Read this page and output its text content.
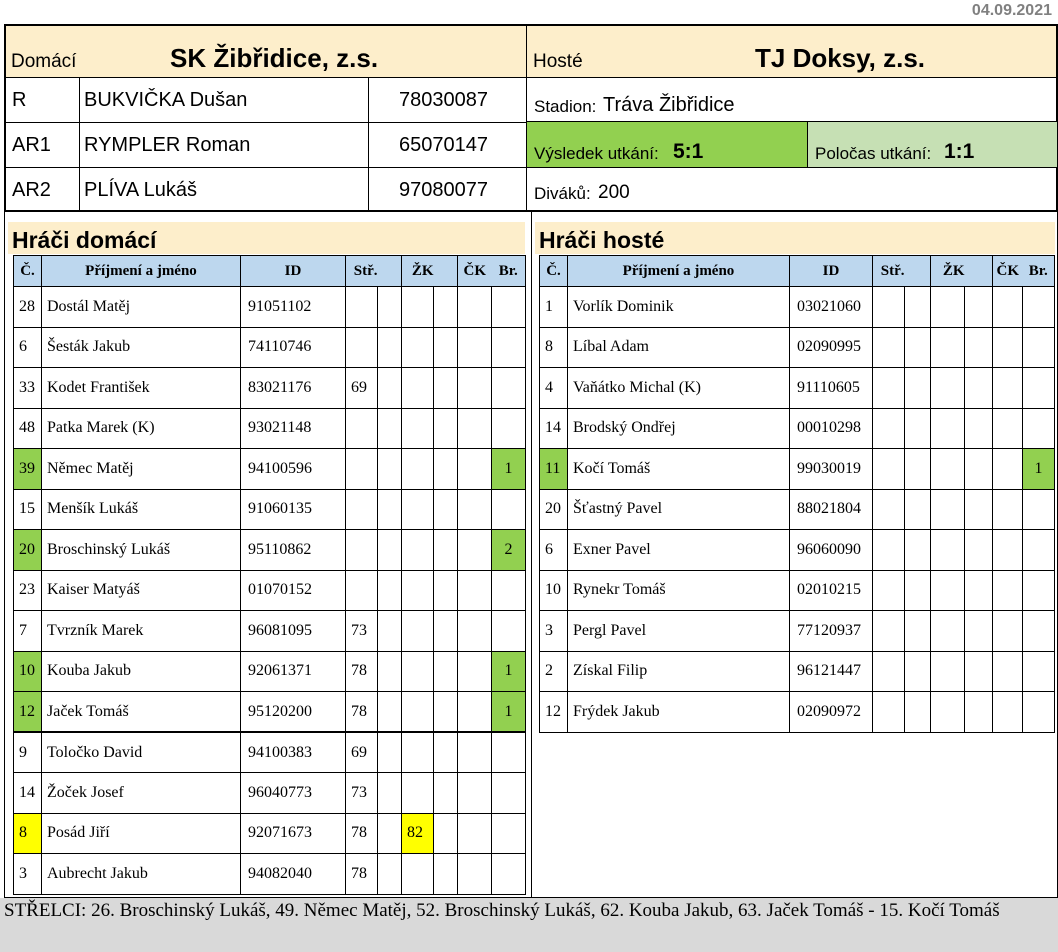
04.09.2021
Domácí	SK Žibřidice, z.s.	Hosté	TJ Doksy, z.s.
R	BUKVIČKA Dušan	78030087
AR1 RYMPLER Roman	65070147
AR2 PLÍVA Lukáš	97080077
Stadion: Tráva Žibřidice
Výsledek utkání: 5:1	Poločas utkání: 1:1
Diváků: 200
Hráči domácí	Hráči hosté
Č.	Příjmení a jméno	ID	Stř.		ŽK		ČK	Br.
28	Dostál Matěj	91051102						
6	Šesták Jakub	74110746						
33	Kodet František	83021176	69					
48	Patka Marek (K)	93021148						
39	Němec Matěj	94100596						1
15	Menšík Lukáš	91060135						
20	Broschinský Lukáš	95110862						2
23	Kaiser Matyáš	01070152						
7	Tvrzník Marek	96081095	73					
10	Kouba Jakub	92061371	78					1
12	Jaček Tomáš	95120200	78					1
9	Toločko David	94100383	69					
14	Žoček Josef	96040773	73					
8	Posád Jiří	92071673	78		82			
3	Aubrecht Jakub	94082040	78					
Č.	Příjmení a jméno	ID	Stř.		ŽK		ČK	Br.
1	Vorlík Dominik	03021060						
8	Líbal Adam	02090995						
4	Vaňátko Michal (K)	91110605						
14	Brodský Ondřej	00010298						
11	Kočí Tomáš	99030019						1
20	Šťastný Pavel	88021804						
6	Exner Pavel	96060090						
10	Rynekr Tomáš	02010215						
3	Pergl Pavel	77120937						
2	Získal Filip	96121447						
12	Frýdek Jakub	02090972						
STŘELCI: 26. Broschinský Lukáš, 49. Němec Matěj, 52. Broschinský Lukáš, 62. Kouba Jakub, 63. Jaček Tomáš - 15. Kočí Tomáš
